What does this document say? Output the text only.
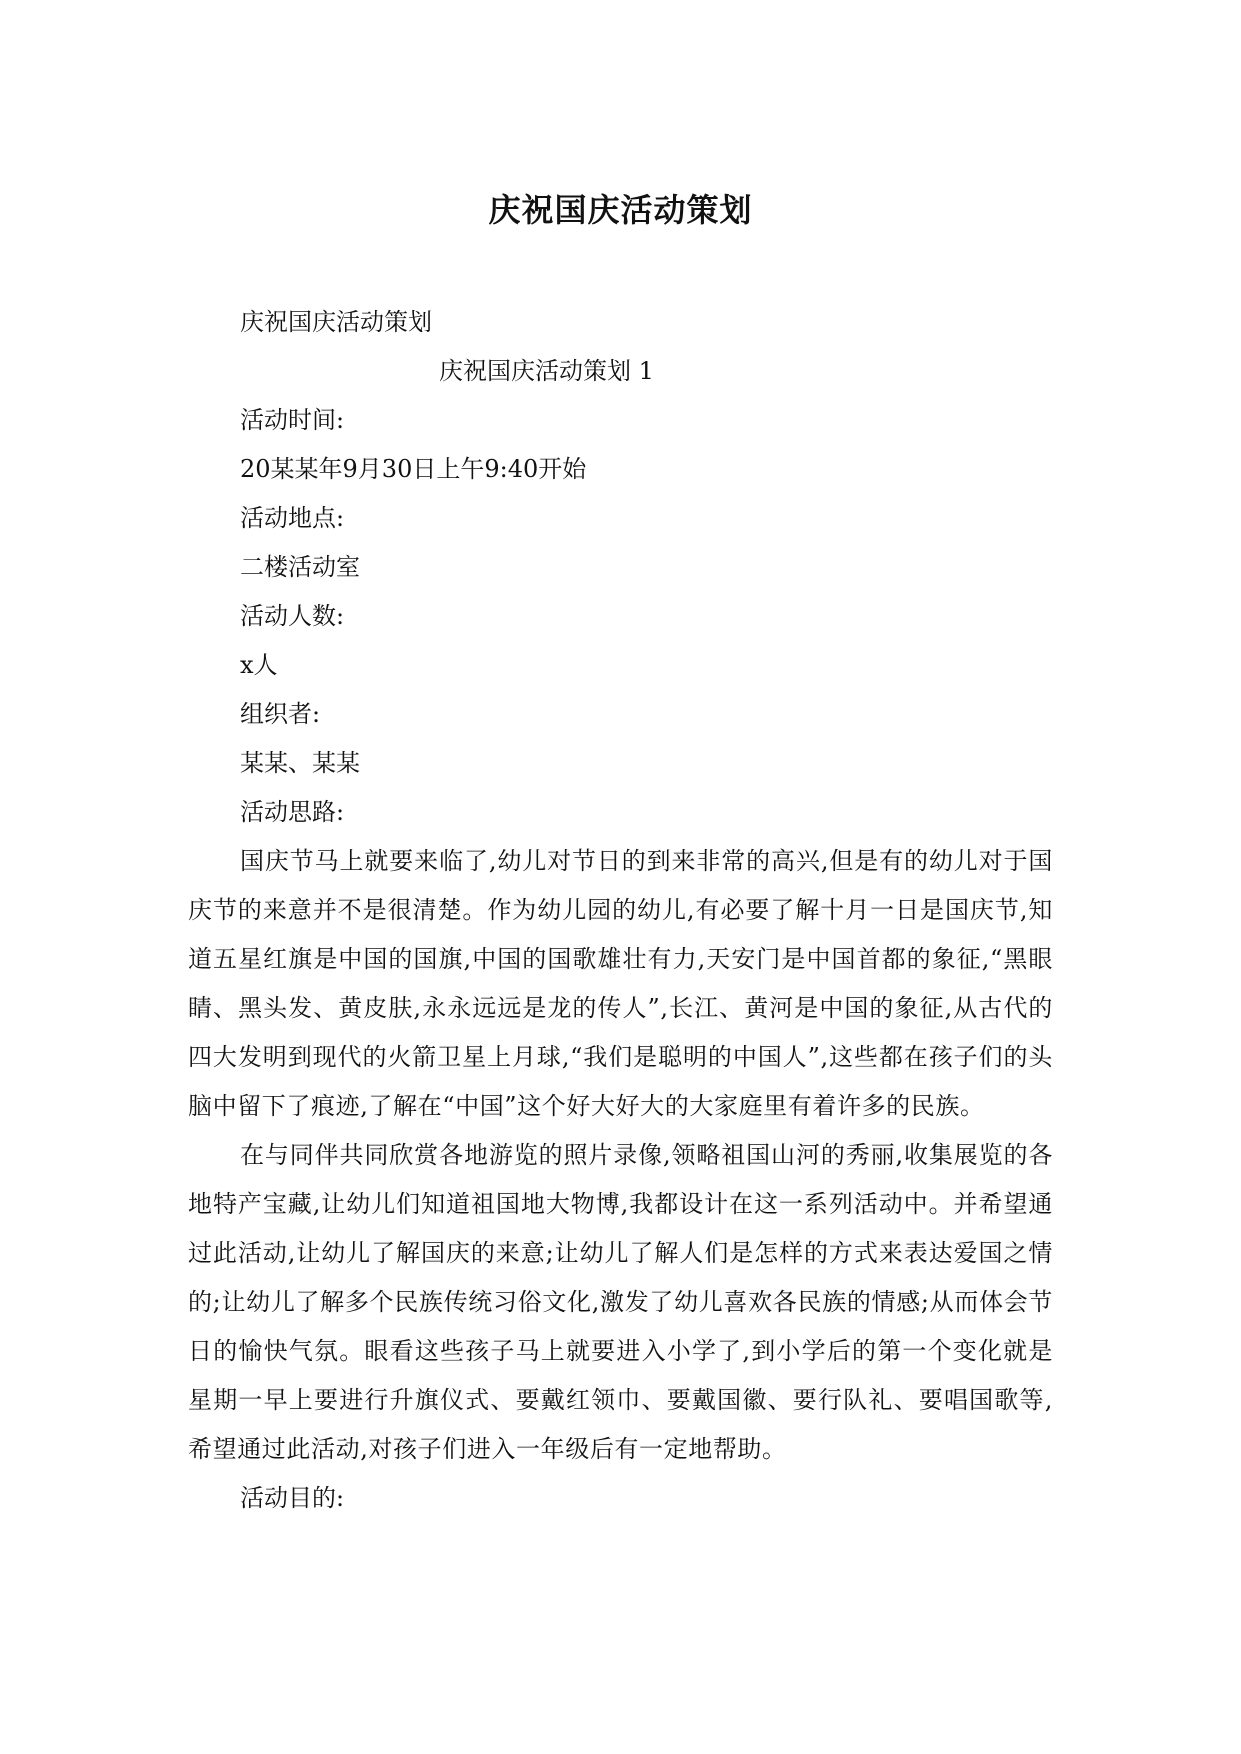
庆祝国庆活动策划

庆祝国庆活动策划

庆祝国庆活动策划 1

活动时间:

20某某年9月30日上午9:40开始

活动地点:

二楼活动室

活动人数:

x人

组织者:

某某、某某

活动思路:

国庆节马上就要来临了,幼儿对节日的到来非常的高兴,但是有的幼儿对于国庆节的来意并不是很清楚。作为幼儿园的幼儿,有必要了解十月一日是国庆节,知道五星红旗是中国的国旗,中国的国歌雄壮有力,天安门是中国首都的象征,“黑眼睛、黑头发、黄皮肤,永永远远是龙的传人”,长江、黄河是中国的象征,从古代的四大发明到现代的火箭卫星上月球,“我们是聪明的中国人”,这些都在孩子们的头脑中留下了痕迹,了解在“中国”这个好大好大的大家庭里有着许多的民族。

在与同伴共同欣赏各地游览的照片录像,领略祖国山河的秀丽,收集展览的各地特产宝藏,让幼儿们知道祖国地大物博,我都设计在这一系列活动中。并希望通过此活动,让幼儿了解国庆的来意;让幼儿了解人们是怎样的方式来表达爱国之情的;让幼儿了解多个民族传统习俗文化,激发了幼儿喜欢各民族的情感;从而体会节日的愉快气氛。眼看这些孩子马上就要进入小学了,到小学后的第一个变化就是星期一早上要进行升旗仪式、要戴红领巾、要戴国徽、要行队礼、要唱国歌等,希望通过此活动,对孩子们进入一年级后有一定地帮助。

活动目的:
